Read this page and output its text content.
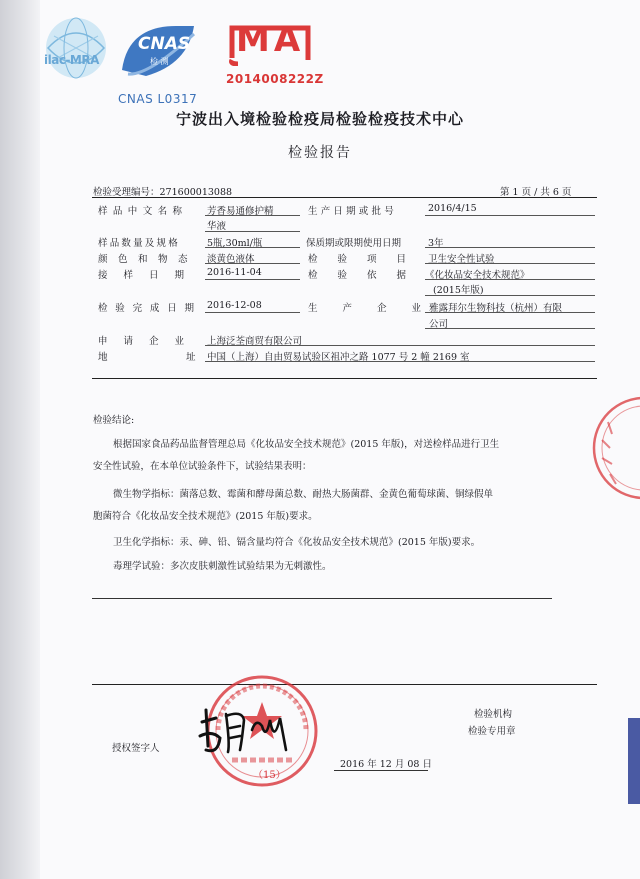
ilac-MRA
CNAS
检 测
CNAS L0317
MA
2014008222Z
宁波出入境检验检疫局检验检疫技术中心
检验报告
检验受理编号：271600013088	第 1 页 / 共 6 页
样品中文名称 芳香易通修护精
华液
生产日期或批号	2016/4/15
样品数量及规格	5瓶,30ml/瓶	保质期或限期使用日期	3年
颜色和物态 淡黄色液体	检验项目 卫生安全性试验
接样日期 2016-11-04	检验依据
《化妆品安全技术规范》
(2015年版)
检验完成日期 2016-12-08	生产企业
雅露拜尔生物科技（杭州）有限
公司
申请企业 上海泛荃商贸有限公司
地	址 中国（上海）自由贸易试验区祖冲之路 1077 号 2 幢 2169 室
检验结论:
根据国家食品药品监督管理总局《化妆品安全技术规范》(2015 年版)，对送检样品进行卫生
安全性试验，在本单位试验条件下，试验结果表明：
微生物学指标：菌落总数、霉菌和酵母菌总数、耐热大肠菌群、金黄色葡萄球菌、铜绿假单
胞菌符合《化妆品安全技术规范》(2015 年版)要求。
卫生化学指标：汞、砷、铅、镉含量均符合《化妆品安全技术规范》(2015 年版)要求。
毒理学试验：多次皮肤刺激性试验结果为无刺激性。
（15）
授权签字人
检验机构
检验专用章
2016 年 12 月 08 日
